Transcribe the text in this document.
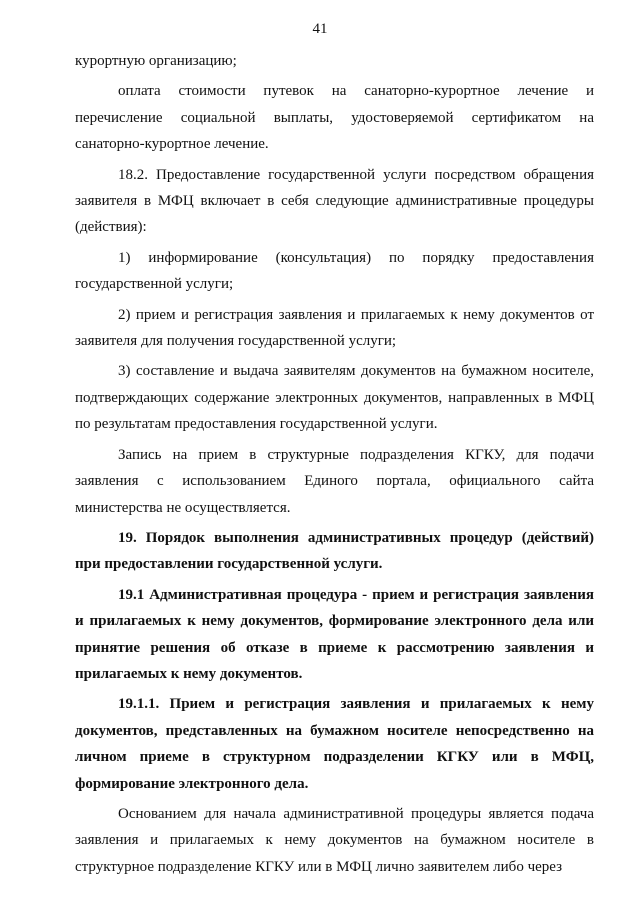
41

курортную организацию;

оплата стоимости путевок на санаторно-курортное лечение и перечисление социальной выплаты, удостоверяемой сертификатом на санаторно-курортное лечение.

18.2. Предоставление государственной услуги посредством обращения заявителя в МФЦ включает в себя следующие административные процедуры (действия):

1) информирование (консультация) по порядку предоставления государственной услуги;

2) прием и регистрация заявления и прилагаемых к нему документов от заявителя для получения государственной услуги;

3) составление и выдача заявителям документов на бумажном носителе, подтверждающих содержание электронных документов, направленных в МФЦ по результатам предоставления государственной услуги.

Запись на прием в структурные подразделения КГКУ, для подачи заявления с использованием Единого портала, официального сайта министерства не осуществляется.

19. Порядок выполнения административных процедур (действий) при предоставлении государственной услуги.

19.1 Административная процедура - прием и регистрация заявления и прилагаемых к нему документов, формирование электронного дела или принятие решения об отказе в приеме к рассмотрению заявления и прилагаемых к нему документов.

19.1.1. Прием и регистрация заявления и прилагаемых к нему документов, представленных на бумажном носителе непосредственно на личном приеме в структурном подразделении КГКУ или в МФЦ, формирование электронного дела.

Основанием для начала административной процедуры является подача заявления и прилагаемых к нему документов на бумажном носителе в структурное подразделение КГКУ или в МФЦ лично заявителем либо через
